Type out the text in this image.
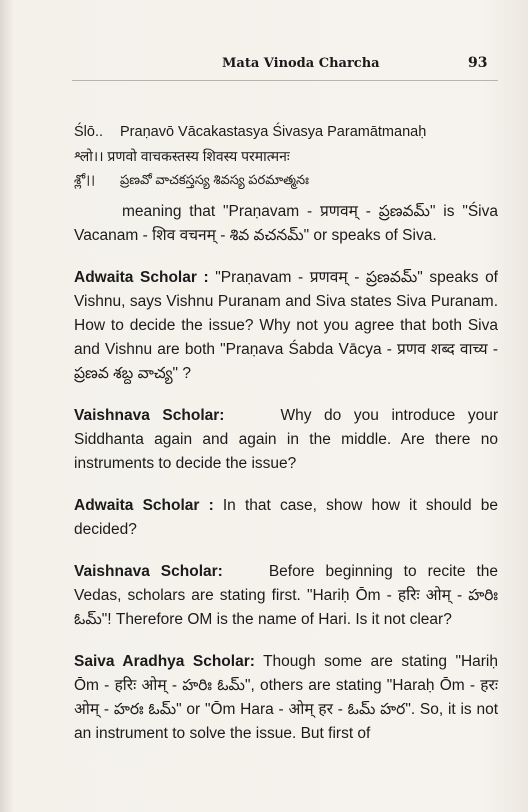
Mata Vinoda Charcha	93
Ślō.. Praṇavō Vācakastasya Śivasya Paramātmanaḥ
श्लो।। प्रणवो वाचकस्तस्य शिवस्य परमात्मनः
శ్లో।। ప్రణవో వాచకస్తస్య శివస్య పరమాత్మనః

meaning that "Praṇavam - प्रणवम् - ప్రణవమ్" is "Śiva Vacanam - शिव वचनम् - శివ వచనమ్" or speaks of Siva.

Adwaita Scholar : "Praṇavam - प्रणवम् - ప్రణవమ్" speaks of Vishnu, says Vishnu Puranam and Siva states Siva Puranam. How to decide the issue? Why not you agree that both Siva and Vishnu are both "Praṇava Śabda Vācya - प्रणव शब्द वाच्य - ప్రణవ శబ్ద వాచ్య" ?

Vaishnava Scholar:	Why do you introduce your Siddhanta again and again in the middle. Are there no instruments to decide the issue?

Adwaita Scholar : In that case, show how it should be decided?

Vaishnava Scholar:	Before beginning to recite the Vedas, scholars are stating first. "Hariḥ Ōm - हरिः ओम् - హరిః ఓమ్"! Therefore OM is the name of Hari. Is it not clear?

Saiva Aradhya Scholar: Though some are stating "Hariḥ Ōm - हरिः ओम् - హరిః ఓమ్", others are stating "Haraḥ Ōm - हरः ओम् - హరః ఓమ్" or "Ōm Hara - ओम् हर - ఓమ్ హర". So, it is not an instrument to solve the issue. But first of
